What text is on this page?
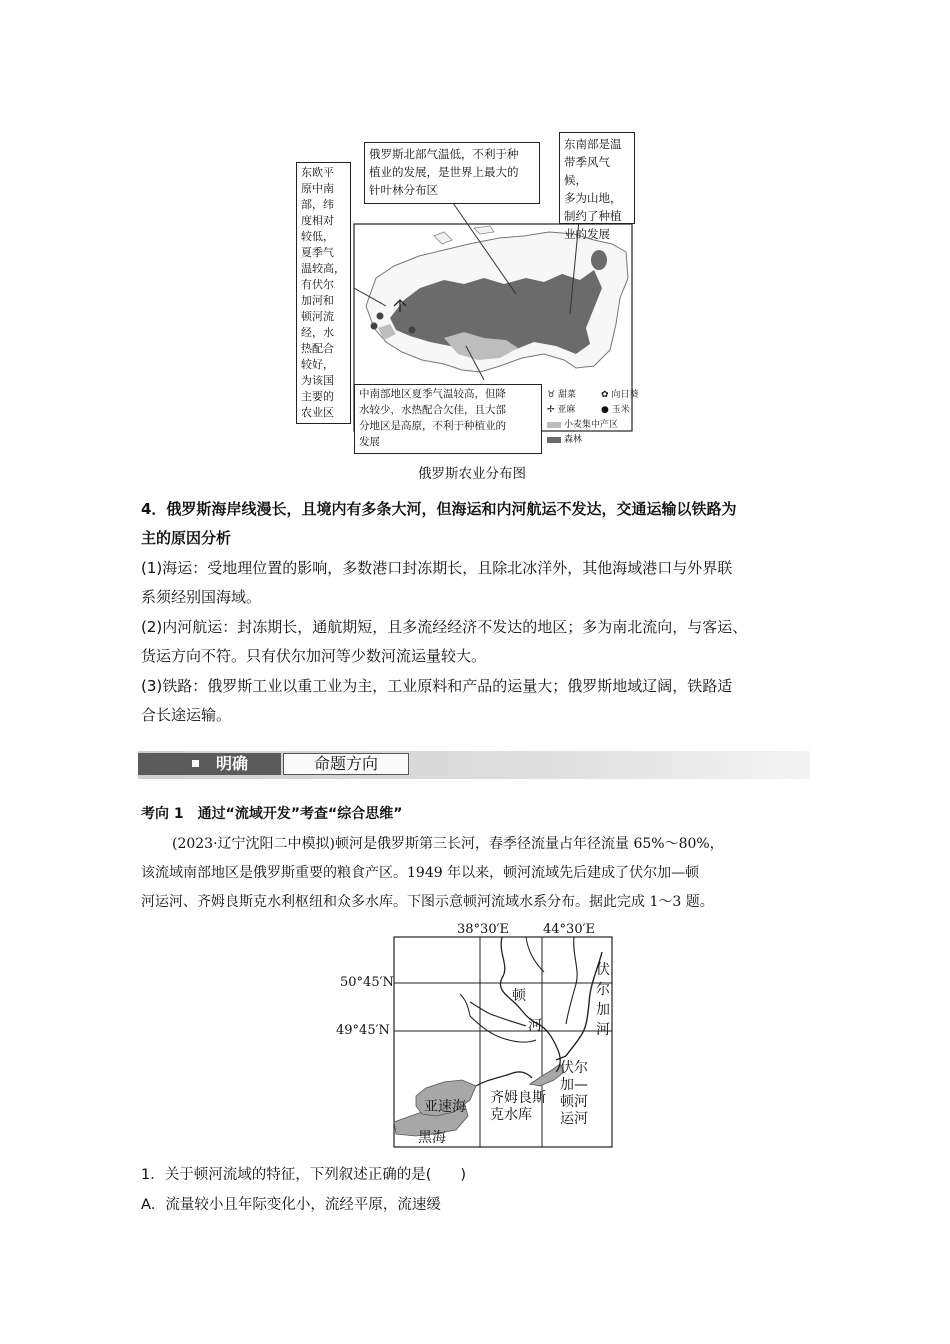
俄罗斯北部气温低，不利于种
植业的发展，是世界上最大的
针叶林分布区
东南部是温
带季风气候，
多为山地，
制约了种植
业的发展
东欧平
原中南
部，纬
度相对
较低，
夏季气
温较高，
有伏尔
加河和
顿河流
经，水
热配合
较好，
为该国
主要的
农业区
中南部地区夏季气温较高，但降
水较少，水热配合欠佳，且大部
分地区是高原，不利于种植业的
发展
♉ 甜菜	✿ 向日葵
✢ 亚麻	● 玉米
小麦集中产区
森林
俄罗斯农业分布图
4．俄罗斯海岸线漫长，且境内有多条大河，但海运和内河航运不发达，交通运输以铁路为
主的原因分析
(1)海运：受地理位置的影响，多数港口封冻期长，且除北冰洋外，其他海域港口与外界联
系须经别国海域。
(2)内河航运：封冻期长，通航期短，且多流经经济不发达的地区；多为南北流向，与客运、
货运方向不符。只有伏尔加河等少数河流运量较大。
(3)铁路：俄罗斯工业以重工业为主，工业原料和产品的运量大；俄罗斯地域辽阔，铁路适
合长途运输。
明确	命题方向
考向 1　通过“流域开发”考查“综合思维”
(2023·辽宁沈阳二中模拟)顿河是俄罗斯第三长河，春季径流量占年径流量 65%～80%，
该流域南部地区是俄罗斯重要的粮食产区。1949 年以来，顿河流域先后建成了伏尔加—顿
河运河、齐姆良斯克水利枢纽和众多水库。下图示意顿河流域水系分布。据此完成 1～3 题。
38°30′E	44°30′E
50°45′N
49°45′N
顿
河
伏
尔
加
河
伏尔
加—
顿河
运河
齐姆良斯
克水库
亚速海
黑海
1．关于顿河流域的特征，下列叙述正确的是(　　)
A．流量较小且年际变化小，流经平原，流速缓
